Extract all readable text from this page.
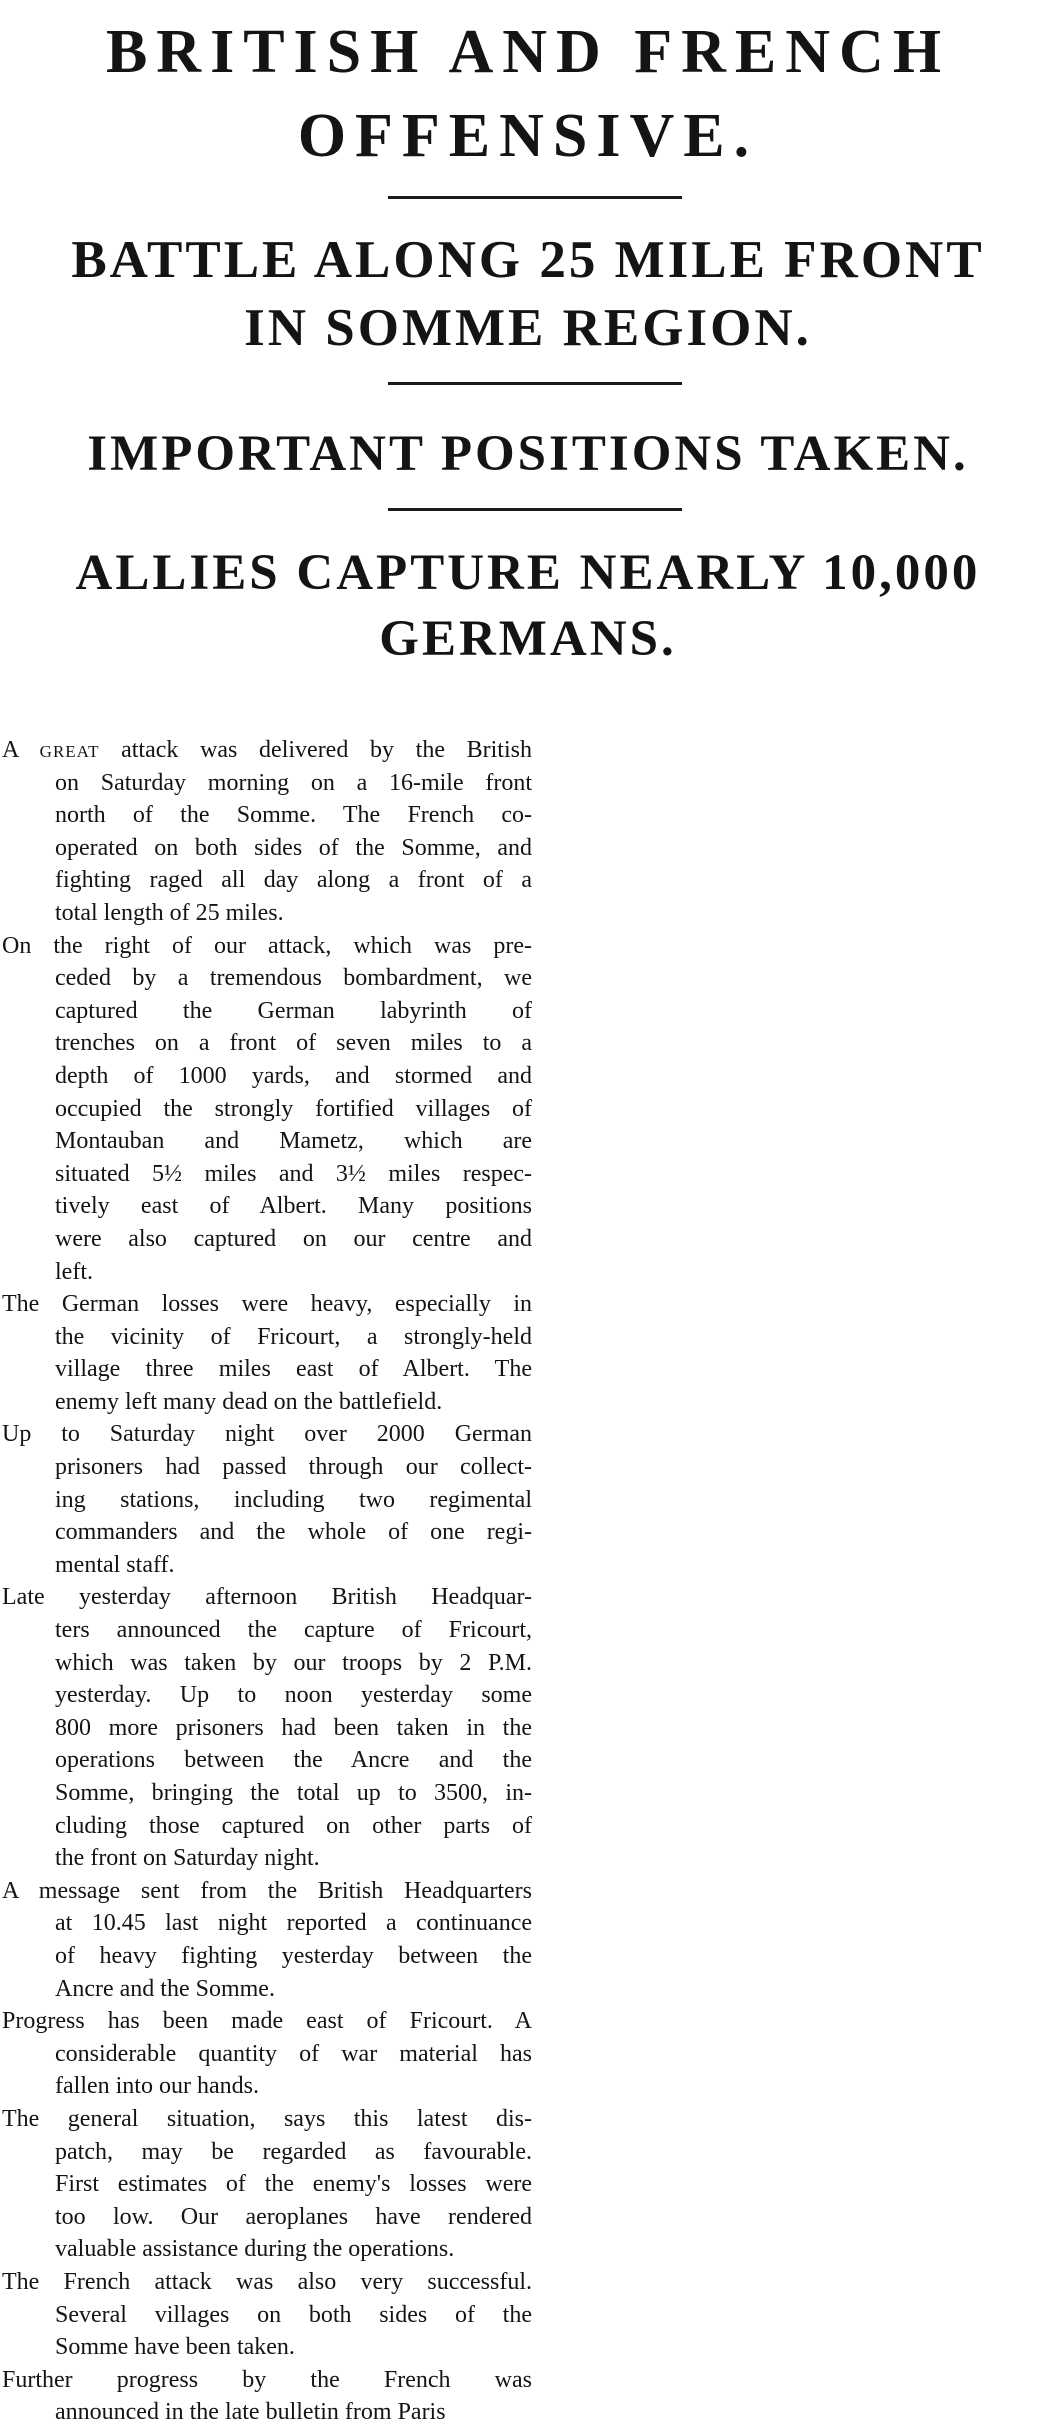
BRITISH AND FRENCH
OFFENSIVE.
BATTLE ALONG 25 MILE FRONT
IN SOMME REGION.
IMPORTANT POSITIONS TAKEN.
ALLIES CAPTURE NEARLY 10,000
GERMANS.
A great attack was delivered by the British
on Saturday morning on a 16-mile front
north of the Somme. The French co-
operated on both sides of the Somme, and
fighting raged all day along a front of a
total length of 25 miles.
On the right of our attack, which was pre-
ceded by a tremendous bombardment, we
captured the German labyrinth of
trenches on a front of seven miles to a
depth of 1000 yards, and stormed and
occupied the strongly fortified villages of
Montauban and Mametz, which are
situated 5½ miles and 3½ miles respec-
tively east of Albert. Many positions
were also captured on our centre and
left.
The German losses were heavy, especially in
the vicinity of Fricourt, a strongly-held
village three miles east of Albert. The
enemy left many dead on the battlefield.
Up to Saturday night over 2000 German
prisoners had passed through our collect-
ing stations, including two regimental
commanders and the whole of one regi-
mental staff.
Late yesterday afternoon British Headquar-
ters announced the capture of Fricourt,
which was taken by our troops by 2 P.M.
yesterday. Up to noon yesterday some
800 more prisoners had been taken in the
operations between the Ancre and the
Somme, bringing the total up to 3500, in-
cluding those captured on other parts of
the front on Saturday night.
A message sent from the British Headquarters
at 10.45 last night reported a continuance
of heavy fighting yesterday between the
Ancre and the Somme.
Progress has been made east of Fricourt. A
considerable quantity of war material has
fallen into our hands.
The general situation, says this latest dis-
patch, may be regarded as favourable.
First estimates of the enemy's losses were
too low. Our aeroplanes have rendered
valuable assistance during the operations.
The French attack was also very successful.
Several villages on both sides of the
Somme have been taken.
Further progress by the French was
announced in the late bulletin from Paris
